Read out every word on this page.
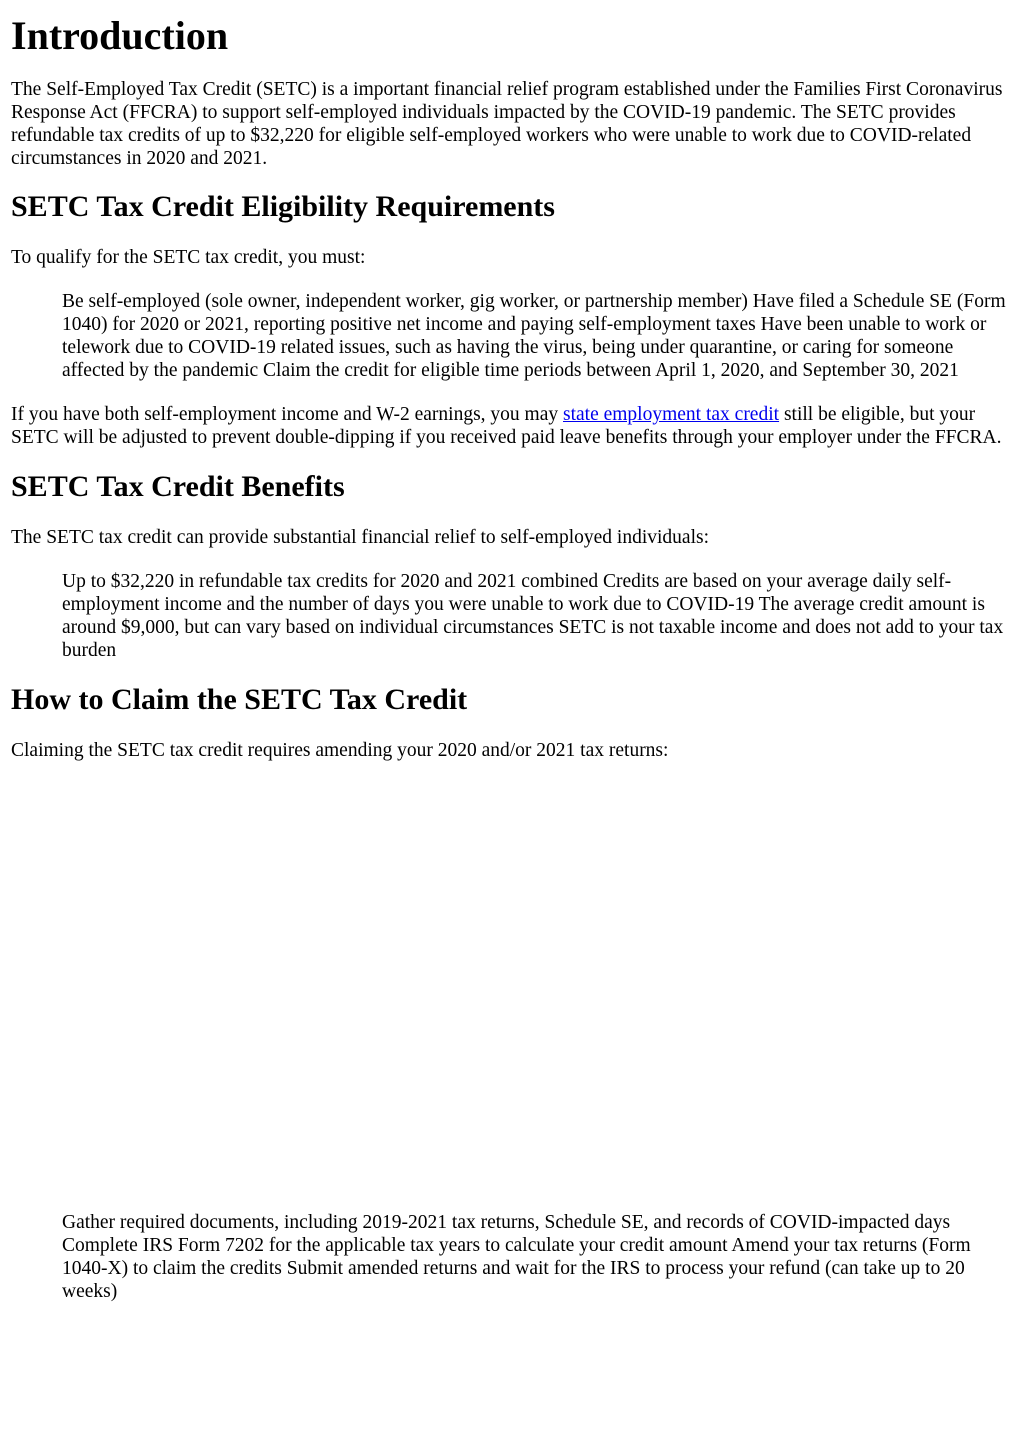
Introduction

The Self-Employed Tax Credit (SETC) is a important financial relief program established under the Families First Coronavirus Response Act (FFCRA) to support self-employed individuals impacted by the COVID-19 pandemic. The SETC provides refundable tax credits of up to $32,220 for eligible self-employed workers who were unable to work due to COVID-related circumstances in 2020 and 2021.

SETC Tax Credit Eligibility Requirements

To qualify for the SETC tax credit, you must:

Be self-employed (sole owner, independent worker, gig worker, or partnership member) Have filed a Schedule SE (Form 1040) for 2020 or 2021, reporting positive net income and paying self-employment taxes Have been unable to work or telework due to COVID-19 related issues, such as having the virus, being under quarantine, or caring for someone affected by the pandemic Claim the credit for eligible time periods between April 1, 2020, and September 30, 2021

If you have both self-employment income and W-2 earnings, you may state employment tax credit still be eligible, but your SETC will be adjusted to prevent double-dipping if you received paid leave benefits through your employer under the FFCRA.

SETC Tax Credit Benefits

The SETC tax credit can provide substantial financial relief to self-employed individuals:

Up to $32,220 in refundable tax credits for 2020 and 2021 combined Credits are based on your average daily self-employment income and the number of days you were unable to work due to COVID-19 The average credit amount is around $9,000, but can vary based on individual circumstances SETC is not taxable income and does not add to your tax burden
How to Claim the SETC Tax Credit

Claiming the SETC tax credit requires amending your 2020 and/or 2021 tax returns:

Gather required documents, including 2019-2021 tax returns, Schedule SE, and records of COVID-impacted days Complete IRS Form 7202 for the applicable tax years to calculate your credit amount Amend your tax returns (Form 1040-X) to claim the credits Submit amended returns and wait for the IRS to process your refund (can take up to 20 weeks)
